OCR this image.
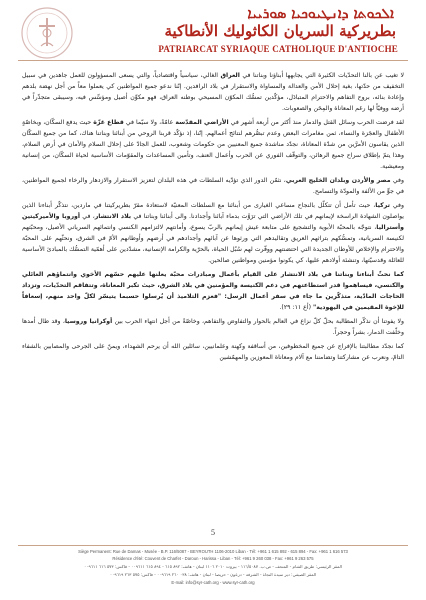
ܐܠܟܘܬܐ ܕܐܢܛܝܘܟܝܐ ܣܘܪܝܝܐ
بطريركية السريان الكاثوليك الأنطاكية
PATRIARCAT SYRIAQUE CATHOLIQUE D'ANTIOCHE

لا تغيب عن بالنا التحدّيات الكثيرة التي يجابهها أبناؤنا وبناتنا في العراق الغالي، سياسياً واقتصادياً، والتي يسعى المسؤولون للعمل جاهدين في سبيل التخفيف من حدّتها، بغية إحلال الأمن والعدالة والمساواة والاستقرار في بلاد الرافدين. إنّنا ندعو جميع المواطنين كي يعملوا معاً من أجل نهضة بلدهم وإعادة بنائه، بروح التفاهم والاحترام المتبادَل، مؤكّدين تمسُّك المكوّن المسيحي بوطنه العراق، فهو مكوِّن أصيل ومؤسِّس فيه، وسيبقى متجذّراً في أرضه ووفيّاً لها رغم المعاناة والمِحَن والصعوبات.

لقد فرضت الحرب وسائل القتل والدمار منذ أكثر من أربعة أشهر في الأراضي المقدّسة عامّةً، ولا سيّما في قطاع غزّة حيث يدفع السكّان، وبخاصّةٍ الأطفال والعجَزة والنساء، ثمن مغامرات البعض وعدم تبصُّرهم لنتائج أعمالهم. إنّنا، إذ نؤكّد قربنا الروحي من أبنائنا وبناتنا هناك، كما من جميع السكّان الذين يقاسون الأمرَّين من شدّة المعاناة، نجدّد مناشدة جميع المعنيين من حكومات وشعوب، للعمل الجادّ على إحلال السلام والأمان في أرض السلام، وهذا يتمّ بإطلاق سراح جميع الرهائن، والتوقّف الفوري عن الحرب وأعمال العنف، وتأمين المساعدات والمقوّمات الأساسية لحياة السكّان، من إنسانية ومعيشية.

وفي مصر والأردن وبلدان الخليج العربي، نثمّن الدور الذي تؤدّيه السلطات في هذه البلدان لتعزيز الاستقرار والازدهار والرخاء لجميع المواطنين، في جوٍّ من الألفة والمودّة والتسامح.

وفي تركيا، حيث تأمل أن تتكلّل بالنجاح مساعي الغيارى من أبنائنا مع السلطات المعنيّة لاستعادة مقرّ بطريركيتنا في ماردين، نتذكّر أبناءنا الذين يواصلون الشهادة الراسخة لإيمانهم في تلك الأراضي التي ترَوَّت بدماء آبائنا وأجدادنا. والى أبنائنا وبناتنا في بلاد الانتشار، في أوروبا والأميركيتين وأستراليا، نتوجّه بالمحبّة الأبوية والتشجيع على متابعة عيش إيمانهم بالربّ يسوع، وأمانتهم لالتزامهم الكنسي وانتمائهم السرياني الأصيل، ومحبّتهم لكنيسة السريانية، وتمسُّكهم بتراثهم العريق وتقاليدهم التي ورثوها عن آبائهم وأجدادهم في أرضهم وأوطانهم الأمّ في الشرق، ونحثّهم على المحبّة والاحترام والإخلاص للأوطان الجديدة التي احتضنتهم ووفّرت لهم سُبُل الحياة، بالحرّية والكرامة الإنسانية، مشدّدين على أهمّية التمسُّك بالمبادئ الأساسية للعائلة وقدسيّتها، وتنشئة أولادهم عليها، كي يكونوا مؤمنين ومواطنين صالحين.

كما نحثّ أبناءنا وبناتنا في بلاد الانتشار على القيام بأعمال ومبادرات محبّة يعلنها عليهم حسّهم الأخوي وانتماؤهم العائلي والكنسي، فيساهموا قدر استطاعتهم في دعم الكنيسة والمؤمنين في بلاد الشرق، حيث تكبر المعاناة، وتتفاقم التحدّيات، وتزداد الحاجات المادّية، متذكّرين ما جاء في سفر أعمال الرسل: "فعزم التلاميذ أن يُرسلوا حسبما يتيسّر لكلّ واحد منهم، إسعافاً للإخوة المقيمين في اليهودية" (أع ١١: ٢٩).

ولا يفوتنا أن نذكّر المطالبة بحلّ كلّ نزاع في العالم بالحوار والتفاوض والتفاهم، وخاصّةً من أجل انتهاء الحرب بين أوكرانيا وروسيا، وقد طال أمدها وخلّفت الدمار، بشراً وحجراً.

كما نجدّد مطالبتنا بالإفراج عن جميع المخطوفين، من أساقفة وكهنة وعلمانيين، سائلين الله أن يرحم الشهداء، ويمنّ على الجرحى والمصابين بالشفاء التامّ، ونعرب عن مشاركتنا وتضامننا مع آلام ومعاناة المعوزين والمهمّشين

5
Siège Permanent: Rue de Damas - Musée - B.P. 116/5087 - BEYROUTH 1106-2010 Liban - Tél: +961 1 615 892 - 615 894 - Fax: +961 1 616 573
Résidence d'été: Couvent de Charfet - Daroun - Harissa - Liban - Tél: +961 9 260 038 - Fax: +961 9 263 575
المقر الرئيسي: طريق الشام - المتحف - ص.ب. ١١٦/٥٠٨٧ - بيروت ٢٠١٠ ١١٠٦ لبنان - هاتف: ٨٩٢ ٦١٥ - ٨٩٤ ٦١٥ ٠٠٩٦١١ - فاكس: ٥٧٣ ٦١٦ ٠٠٩٦١١
المقر الصيفي: دير سيدة النجاة - الشرفة - درعون - حريصا - لبنان - هاتف: ٠٣٨ ٢٦٠ ٠٠٩٦١٩ - فاكس: ٥٧٥ ٢٦٣ ٠٠٩٦١٩
E-mail: info@syr-cath.org - www.syr-cath.org
